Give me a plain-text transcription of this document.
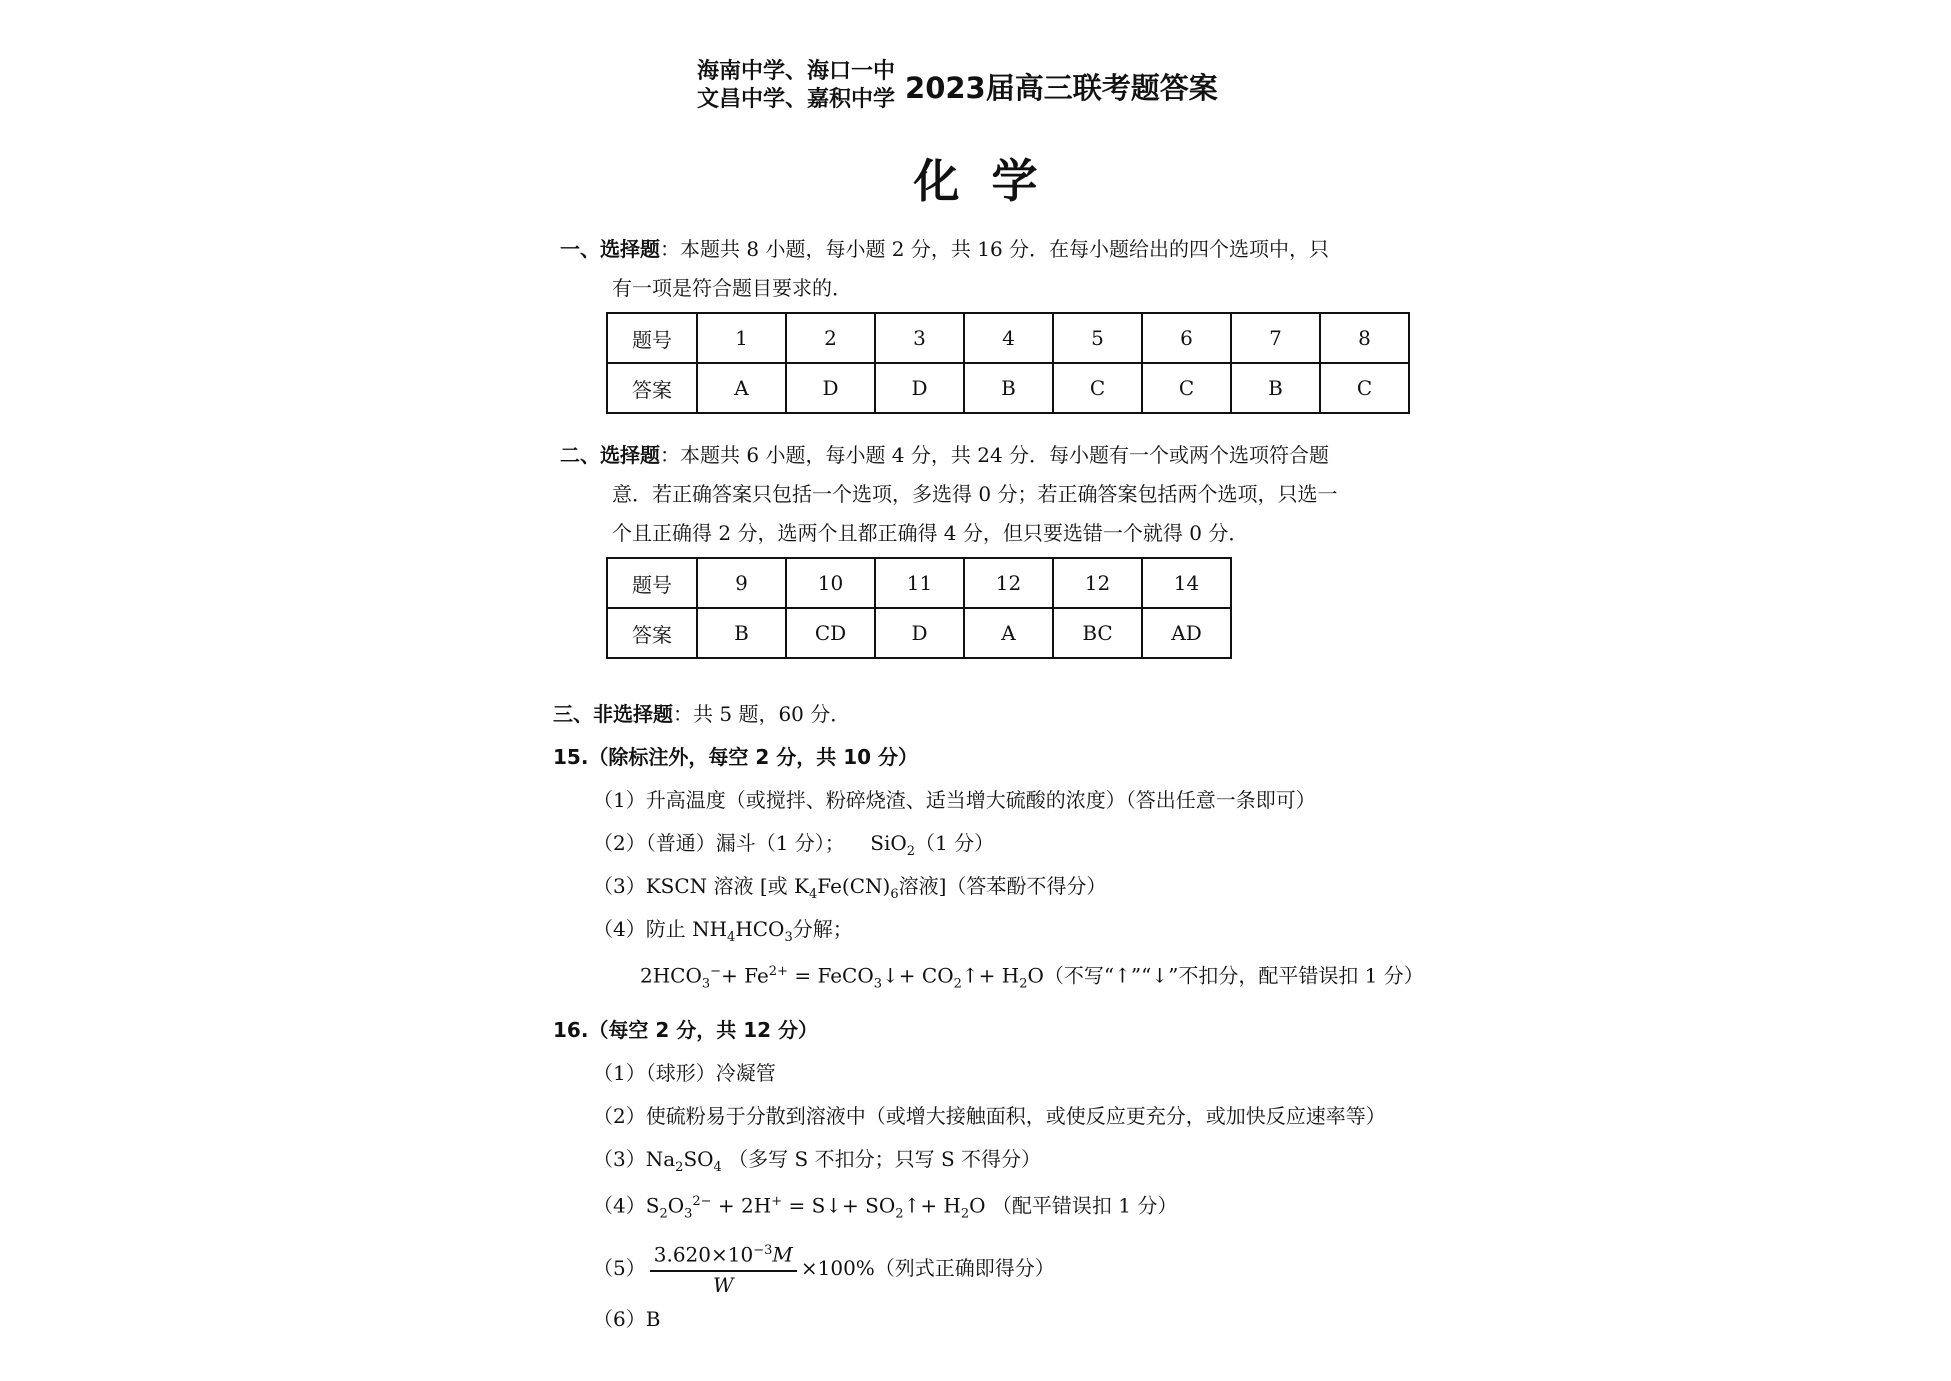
海南中学、海口一中
文昌中学、嘉积中学 2023届高三联考题答案
化学
一、选择题：本题共 8 小题，每小题 2 分，共 16 分．在每小题给出的四个选项中，只
有一项是符合题目要求的．
题号	1	2	3	4	5	6	7	8
答案	A	D	D	B	C	C	B	C
二、选择题：本题共 6 小题，每小题 4 分，共 24 分．每小题有一个或两个选项符合题
意．若正确答案只包括一个选项，多选得 0 分；若正确答案包括两个选项，只选一
个且正确得 2 分，选两个且都正确得 4 分，但只要选错一个就得 0 分．
题号	9	10	11	12	12	14
答案	B	CD	D	A	BC	AD
三、非选择题：共 5 题，60 分．
15.（除标注外，每空 2 分，共 10 分）
（1）升高温度（或搅拌、粉碎烧渣、适当增大硫酸的浓度）（答出任意一条即可）
（2）（普通）漏斗（1 分）； SiO$_2$（1 分）
（3）KSCN 溶液 [或 $K_4Fe(CN)_6$溶液]（答苯酚不得分）
（4）防止 $NH_4HCO_3$分解；
$2HCO_3^-+ Fe^{2+}$ = FeCO$_3$↓+ $CO_2↑+ H_2O$（不写“↑”“↓”不扣分，配平错误扣 1 分）
16.（每空 2 分，共 12 分）
（1）（球形）冷凝管
（2）使硫粉易于分散到溶液中（或增大接触面积，或使反应更充分，或加快反应速率等）
$(3)Na_2SO_4$ （多写 S 不扣分；只写 S 不得分）
$(4)S_2O_3^{2-} + 2H^+$ = S↓+ $SO_2↑+ H_2O$ （配平错误扣 1 分）
$(5) \frac{3.620\times 10^{-3}M}{W} \times 100\%$（列式正确即得分）
（6）B
